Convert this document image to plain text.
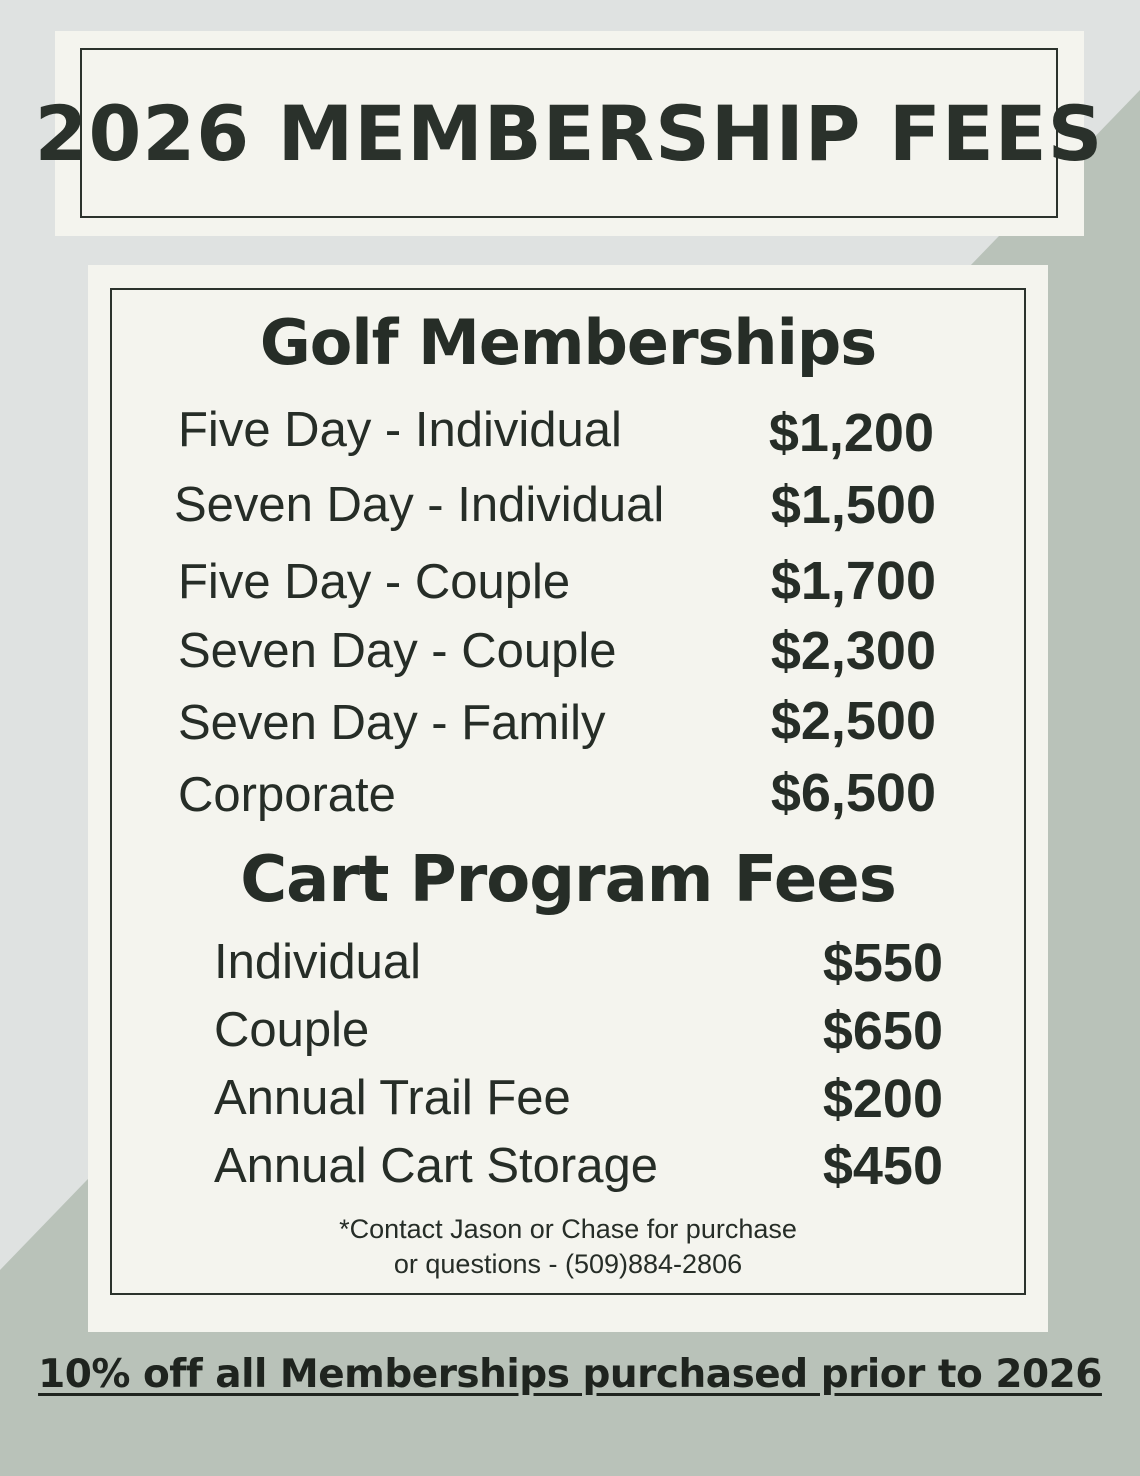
2026 MEMBERSHIP FEES
Golf Memberships
Five Day - Individual	$1,200
Seven Day - Individual $1,500
Five Day - Couple	$1,700
Seven Day - Couple	$2,300
Seven Day - Family	$2,500
Corporate	$6,500
Cart Program Fees
Individual	$550
Couple	$650
Annual Trail Fee	$200
Annual Cart Storage	$450
*Contact Jason or Chase for purchase
or questions - (509)884-2806
10% off all Memberships purchased prior to 2026
